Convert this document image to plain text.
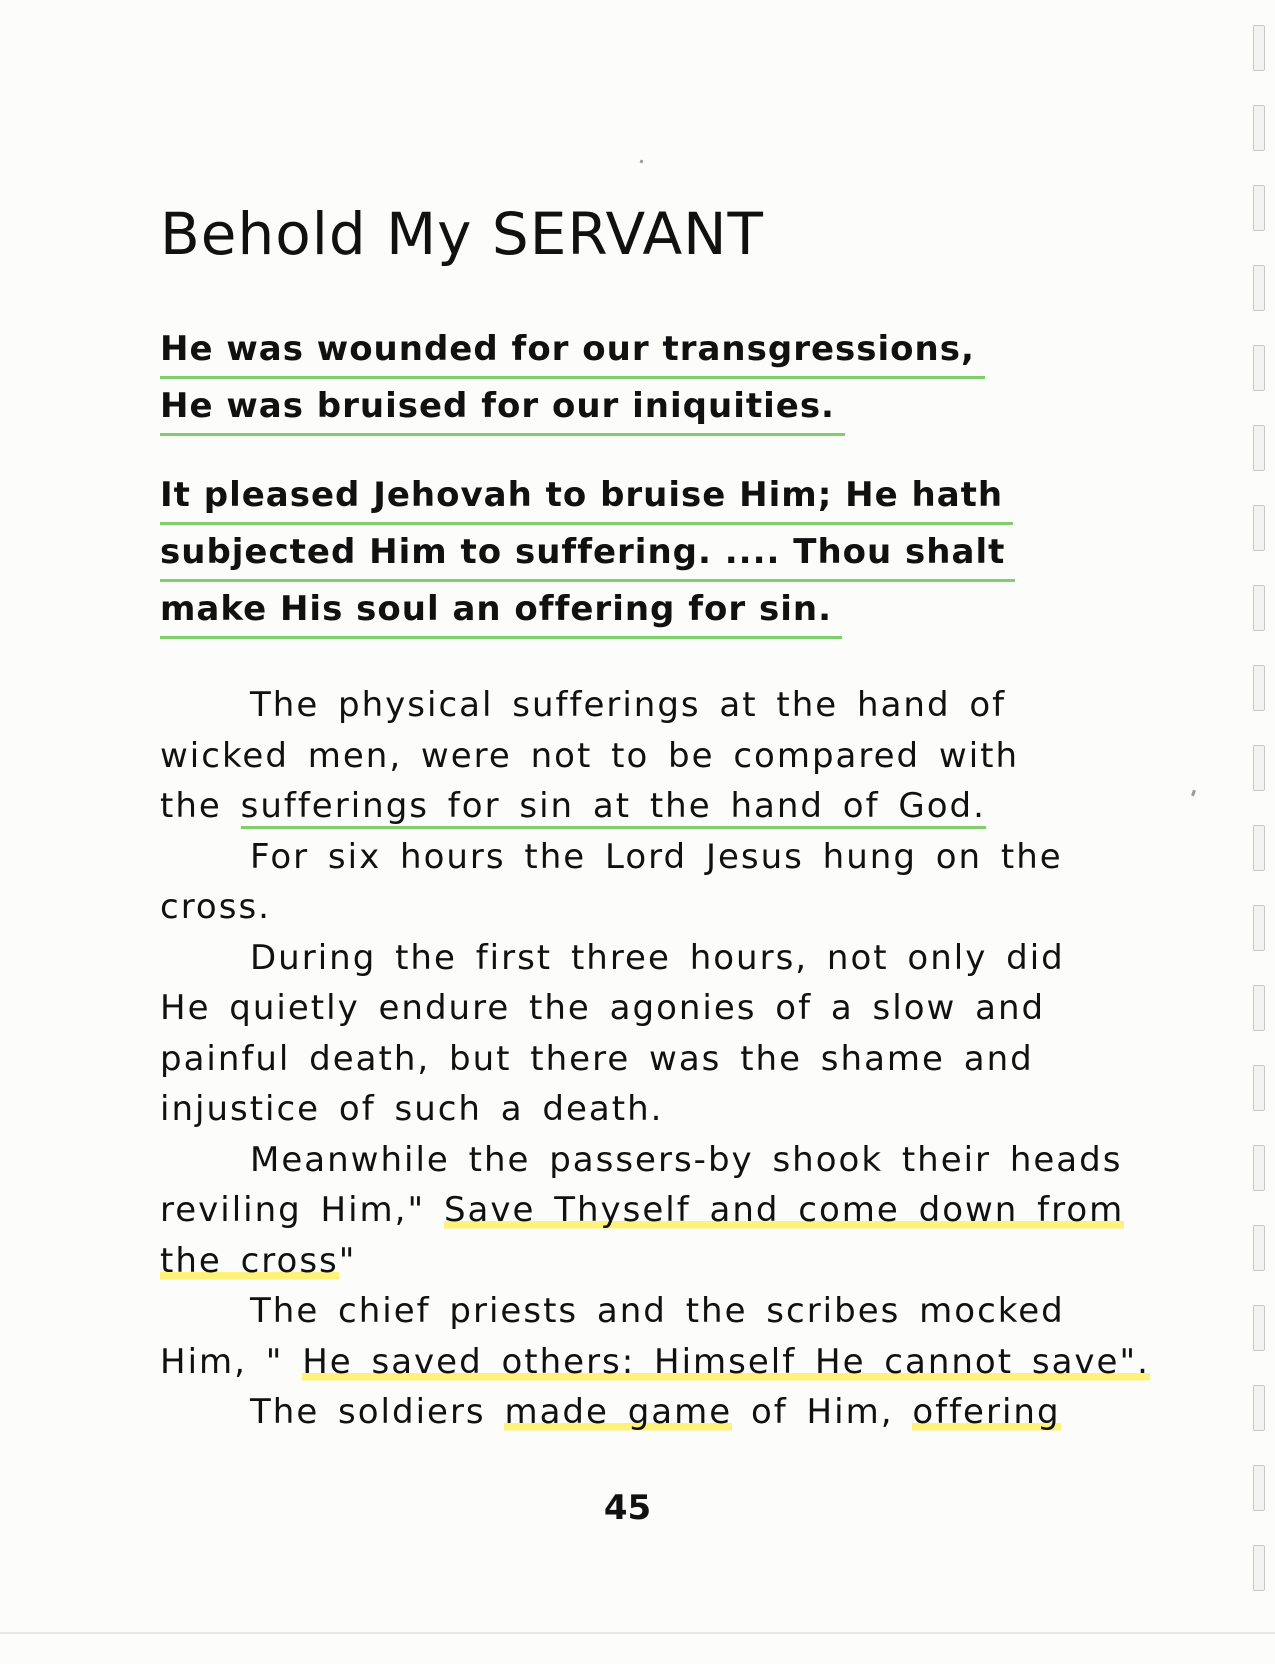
Behold My SERVANT
He was wounded for our transgressions,
He was bruised for our iniquities.
It pleased Jehovah to bruise Him; He hath
subjected Him to suffering. .... Thou shalt
make His soul an offering for sin.
The physical sufferings at the hand of
wicked men, were not to be compared with
the sufferings for sin at the hand of God.
For six hours the Lord Jesus hung on the
cross.
During the first three hours, not only did
He quietly endure the agonies of a slow and
painful death, but there was the shame and
injustice of such a death.
Meanwhile the passers-by shook their heads
reviling Him," Save Thyself and come down from
the cross"
The chief priests and the scribes mocked
Him, " He saved others: Himself He cannot save".
The soldiers made game of Him, offering
45
